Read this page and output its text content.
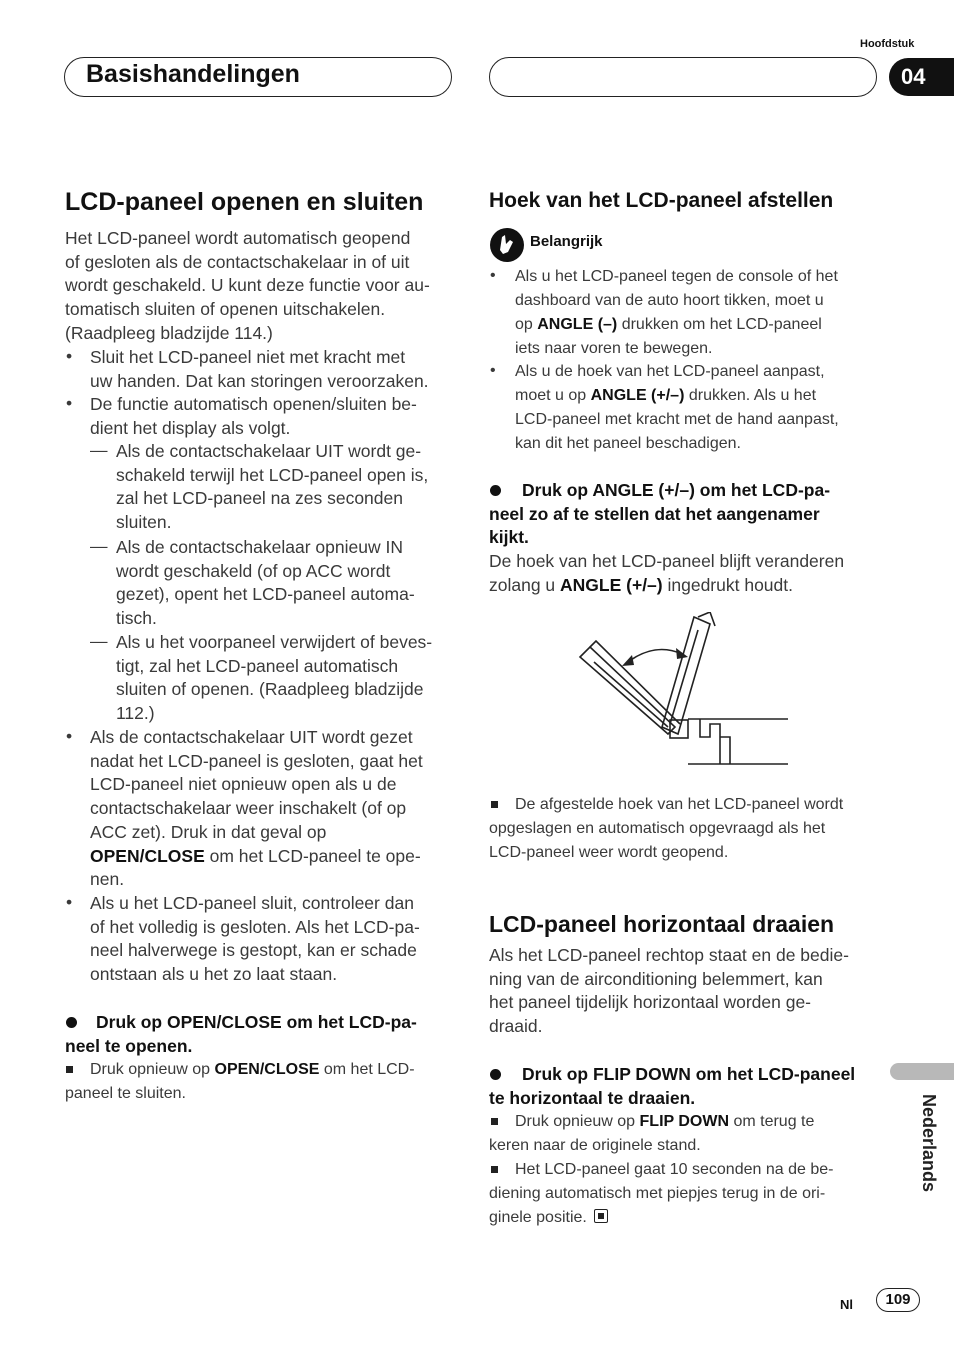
Basishandelingen
Hoofdstuk
04
LCD-paneel openen en sluiten
Het LCD-paneel wordt automatisch geopend
of gesloten als de contactschakelaar in of uit
wordt geschakeld. U kunt deze functie voor au-
tomatisch sluiten of openen uitschakelen.
(Raadpleeg bladzijde 114.)
• Sluit het LCD-paneel niet met kracht met
uw handen. Dat kan storingen veroorzaken.
• De functie automatisch openen/sluiten be-
dient het display als volgt.
— Als de contactschakelaar UIT wordt ge-
schakeld terwijl het LCD-paneel open is,
zal het LCD-paneel na zes seconden
sluiten.
— Als de contactschakelaar opnieuw IN
wordt geschakeld (of op ACC wordt
gezet), opent het LCD-paneel automa-
tisch.
— Als u het voorpaneel verwijdert of beves-
tigt, zal het LCD-paneel automatisch
sluiten of openen. (Raadpleeg bladzijde
112.)
• Als de contactschakelaar UIT wordt gezet
nadat het LCD-paneel is gesloten, gaat het
LCD-paneel niet opnieuw open als u de
contactschakelaar weer inschakelt (of op
ACC zet). Druk in dat geval op
OPEN/CLOSE om het LCD-paneel te ope-
nen.
• Als u het LCD-paneel sluit, controleer dan
of het volledig is gesloten. Als het LCD-pa-
neel halverwege is gestopt, kan er schade
ontstaan als u het zo laat staan.
Druk op OPEN/CLOSE om het LCD-pa-
neel te openen.
Druk opnieuw op OPEN/CLOSE om het LCD-
paneel te sluiten.
Hoek van het LCD-paneel afstellen
Belangrijk
• Als u het LCD-paneel tegen de console of het
dashboard van de auto hoort tikken, moet u
op ANGLE (–) drukken om het LCD-paneel
iets naar voren te bewegen.
• Als u de hoek van het LCD-paneel aanpast,
moet u op ANGLE (+/–) drukken. Als u het
LCD-paneel met kracht met de hand aanpast,
kan dit het paneel beschadigen.
Druk op ANGLE (+/–) om het LCD-pa-
neel zo af te stellen dat het aangenamer
kijkt.
De hoek van het LCD-paneel blijft veranderen
zolang u ANGLE (+/–) ingedrukt houdt.
De afgestelde hoek van het LCD-paneel wordt
opgeslagen en automatisch opgevraagd als het
LCD-paneel weer wordt geopend.
LCD-paneel horizontaal draaien
Als het LCD-paneel rechtop staat en de bedie-
ning van de airconditioning belemmert, kan
het paneel tijdelijk horizontaal worden ge-
draaid.
Druk op FLIP DOWN om het LCD-paneel
te horizontaal te draaien.
Druk opnieuw op FLIP DOWN om terug te
keren naar de originele stand.
Het LCD-paneel gaat 10 seconden na de be-
diening automatisch met piepjes terug in de ori-
ginele positie.
Nederlands
Nl	109
